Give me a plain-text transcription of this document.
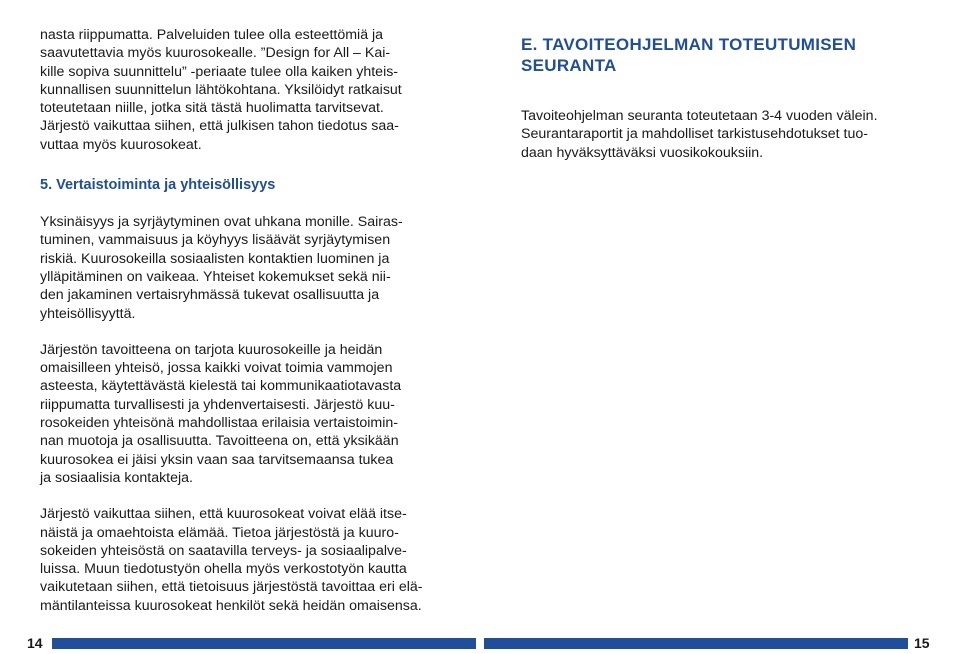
nasta riippumatta. Palveluiden tulee olla esteettömiä ja
saavutettavia myös kuurosokealle. ”Design for All – Kai-
kille sopiva suunnittelu” -periaate tulee olla kaiken yhteis-
kunnallisen suunnittelun lähtökohtana. Yksilöidyt ratkaisut
toteutetaan niille, jotka sitä tästä huolimatta tarvitsevat.
Järjestö vaikuttaa siihen, että julkisen tahon tiedotus saa-
vuttaa myös kuurosokeat.

5. Vertaistoiminta ja yhteisöllisyys

Yksinäisyys ja syrjäytyminen ovat uhkana monille. Sairas-
tuminen, vammaisuus ja köyhyys lisäävät syrjäytymisen
riskiä. Kuurosokeilla sosiaalisten kontaktien luominen ja
ylläpitäminen on vaikeaa. Yhteiset kokemukset sekä nii-
den jakaminen vertaisryhmässä tukevat osallisuutta ja
yhteisöllisyyttä.

Järjestön tavoitteena on tarjota kuurosokeille ja heidän
omaisilleen yhteisö, jossa kaikki voivat toimia vammojen
asteesta, käytettävästä kielestä tai kommunikaatiotavasta
riippumatta turvallisesti ja yhdenvertaisesti. Järjestö kuu-
rosokeiden yhteisönä mahdollistaa erilaisia vertaistoimin-
nan muotoja ja osallisuutta. Tavoitteena on, että yksikään
kuurosokea ei jäisi yksin vaan saa tarvitsemaansa tukea
ja sosiaalisia kontakteja.

Järjestö vaikuttaa siihen, että kuurosokeat voivat elää itse-
näistä ja omaehtoista elämää. Tietoa järjestöstä ja kuuro-
sokeiden yhteisöstä on saatavilla terveys- ja sosiaalipalve-
luissa. Muun tiedotustyön ohella myös verkostotyön kautta
vaikutetaan siihen, että tietoisuus järjestöstä tavoittaa eri elä-
mäntilanteissa kuurosokeat henkilöt sekä heidän omaisensa.

E. TAVOITEOHJELMAN TOTEUTUMISEN
SEURANTA

Tavoiteohjelman seuranta toteutetaan 3-4 vuoden välein.
Seurantaraportit ja mahdolliset tarkistusehdotukset tuo-
daan hyväksyttäväksi vuosikokouksiin.

14	15
